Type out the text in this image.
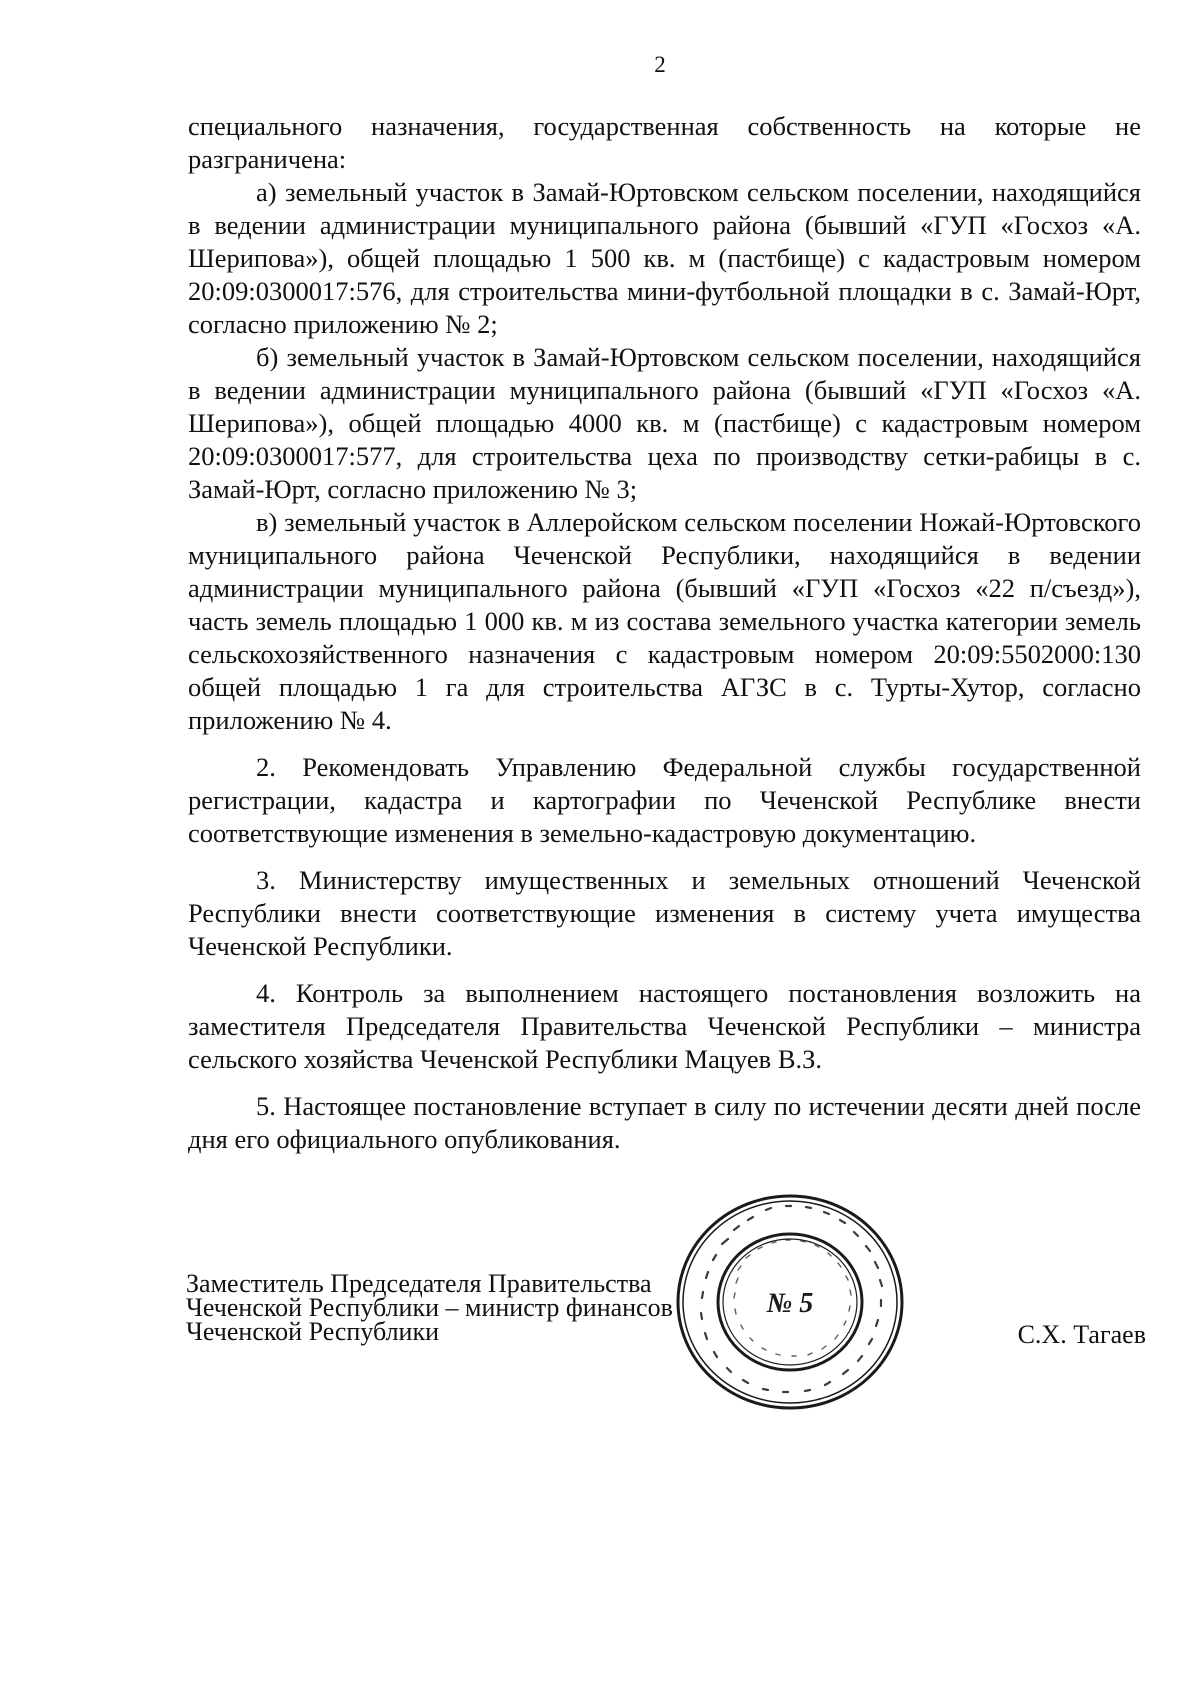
2

специального назначения, государственная собственность на которые не разграничена:

а) земельный участок в Замай-Юртовском сельском поселении, находящийся в ведении администрации муниципального района (бывший «ГУП «Госхоз «А. Шерипова»), общей площадью 1 500 кв. м (пастбище) с кадастровым номером 20:09:0300017:576, для строительства мини-футбольной площадки в с. Замай-Юрт, согласно приложению № 2;

б) земельный участок в Замай-Юртовском сельском поселении, находящийся в ведении администрации муниципального района (бывший «ГУП «Госхоз «А. Шерипова»), общей площадью 4000 кв. м (пастбище) с кадастровым номером 20:09:0300017:577, для строительства цеха по производству сетки-рабицы в с. Замай-Юрт, согласно приложению № 3;

в) земельный участок в Аллеройском сельском поселении Ножай-Юртовского муниципального района Чеченской Республики, находящийся в ведении администрации муниципального района (бывший «ГУП «Госхоз «22 п/съезд»), часть земель площадью 1 000 кв. м из состава земельного участка категории земель сельскохозяйственного назначения с кадастровым номером 20:09:5502000:130 общей площадью 1 га для строительства АГЗС в с. Турты-Хутор, согласно приложению № 4.

2. Рекомендовать Управлению Федеральной службы государственной регистрации, кадастра и картографии по Чеченской Республике внести соответствующие изменения в земельно-кадастровую документацию.

3. Министерству имущественных и земельных отношений Чеченской Республики внести соответствующие изменения в систему учета имущества Чеченской Республики.

4. Контроль за выполнением настоящего постановления возложить на заместителя Председателя Правительства Чеченской Республики – министра сельского хозяйства Чеченской Республики Мацуев В.З.

5. Настоящее постановление вступает в силу по истечении десяти дней после дня его официального опубликования.

Заместитель Председателя Правительства
Чеченской Республики – министр финансов
Чеченской Республики	С.Х. Тагаев
№ 5
